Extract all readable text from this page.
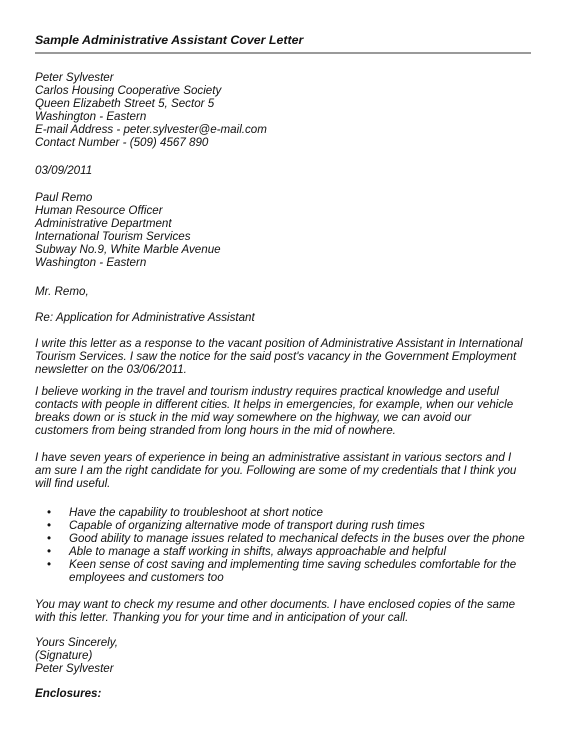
Sample Administrative Assistant Cover Letter
Peter Sylvester
Carlos Housing Cooperative Society
Queen Elizabeth Street 5, Sector 5
Washington - Eastern
E-mail Address - peter.sylvester@e-mail.com
Contact Number - (509) 4567 890
03/09/2011
Paul Remo
Human Resource Officer
Administrative Department
International Tourism Services
Subway No.9, White Marble Avenue
Washington - Eastern
Mr. Remo,
Re: Application for Administrative Assistant

I write this letter as a response to the vacant position of Administrative Assistant in International Tourism Services. I saw the notice for the said post's vacancy in the Government Employment newsletter on the 03/06/2011.

I believe working in the travel and tourism industry requires practical knowledge and useful contacts with people in different cities. It helps in emergencies, for example, when our vehicle breaks down or is stuck in the mid way somewhere on the highway, we can avoid our customers from being stranded from long hours in the mid of nowhere.

I have seven years of experience in being an administrative assistant in various sectors and I am sure I am the right candidate for you. Following are some of my credentials that I think you will find useful.

• Have the capability to troubleshoot at short notice
• Capable of organizing alternative mode of transport during rush times
• Good ability to manage issues related to mechanical defects in the buses over the phone
• Able to manage a staff working in shifts, always approachable and helpful
• Keen sense of cost saving and implementing time saving schedules comfortable for the employees and customers too

You may want to check my resume and other documents. I have enclosed copies of the same with this letter. Thanking you for your time and in anticipation of your call.

Yours Sincerely,
(Signature)
Peter Sylvester
Enclosures:
